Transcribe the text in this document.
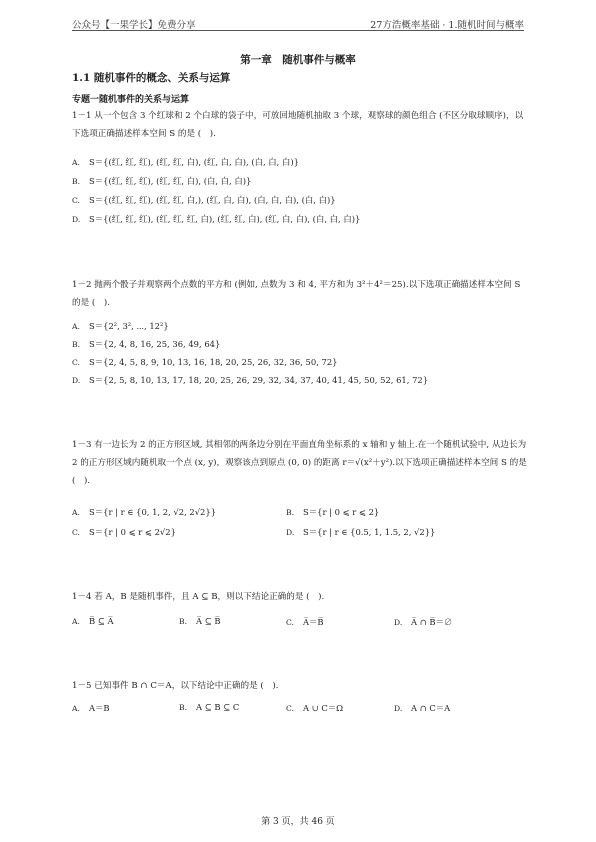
公众号【一果学长】免费分享	27方浩概率基础 · 1.随机时间与概率
第一章　随机事件与概率
1.1 随机事件的概念、关系与运算
专题一随机事件的关系与运算
1－1 从一个包含 3 个红球和 2 个白球的袋子中，可放回地随机抽取 3 个球，观察球的颜色组合 (不区分取球顺序)，以下选项正确描述样本空间 S 的是 (　).
A. S＝{(红, 红, 红), (红, 红, 白), (红, 白, 白), (白, 白, 白)}
B. S＝{(红, 红, 红), (红, 红, 白), (白, 白, 白)}
C. S＝{(红, 红, 红), (红, 红, 白,), (红, 白, 白), (白, 白, 白), (白, 白)}
D. S＝{(红, 红, 红), (红, 红, 红, 白), (红, 红, 白), (红, 白, 白), (白, 白, 白)}
1－2 抛两个骰子并观察两个点数的平方和 (例如, 点数为 3 和 4, 平方和为 3²＋4²＝25).以下选项正确描述样本空间 S 的是 (　).
A. S＝{2², 3², ⋯, 12²}
B. S＝{2, 4, 8, 16, 25, 36, 49, 64}
C. S＝{2, 4, 5, 8, 9, 10, 13, 16, 18, 20, 25, 26, 32, 36, 50, 72}
D. S＝{2, 5, 8, 10, 13, 17, 18, 20, 25, 26, 29, 32, 34, 37, 40, 41, 45, 50, 52, 61, 72}
1－3 有一边长为 2 的正方形区域, 其相邻的两条边分别在平面直角坐标系的 x 轴和 y 轴上.在一个随机试验中, 从边长为 2 的正方形区域内随机取一个点 (x, y)，观察该点到原点 (0, 0) 的距离 r＝√(x²＋y²).以下选项正确描述样本空间 S 的是 (　).
A. S＝{r | r ∈ {0, 1, 2, √2, 2√2}}	B. S＝{r | 0 ⩽ r ⩽ 2}
C. S＝{r | 0 ⩽ r ⩽ 2√2}	D. S＝{r | r ∈ {0.5, 1, 1.5, 2, √2}}
1－4 若 A，B 是随机事件，且 A ⊆ B，则以下结论正确的是 (　).
A. B̅ ⊆ A̅	B. A̅ ⊆ B̅	C. A̅＝B̅	D. A̅ ∩ B̅＝∅
1－5 已知事件 B ∩ C＝A，以下结论中正确的是 (　).
A. A＝B	B. A ⊆ B ⊆ C	C. A ∪ C＝Ω	D. A ∩ C＝A
第 3 页，共 46 页
